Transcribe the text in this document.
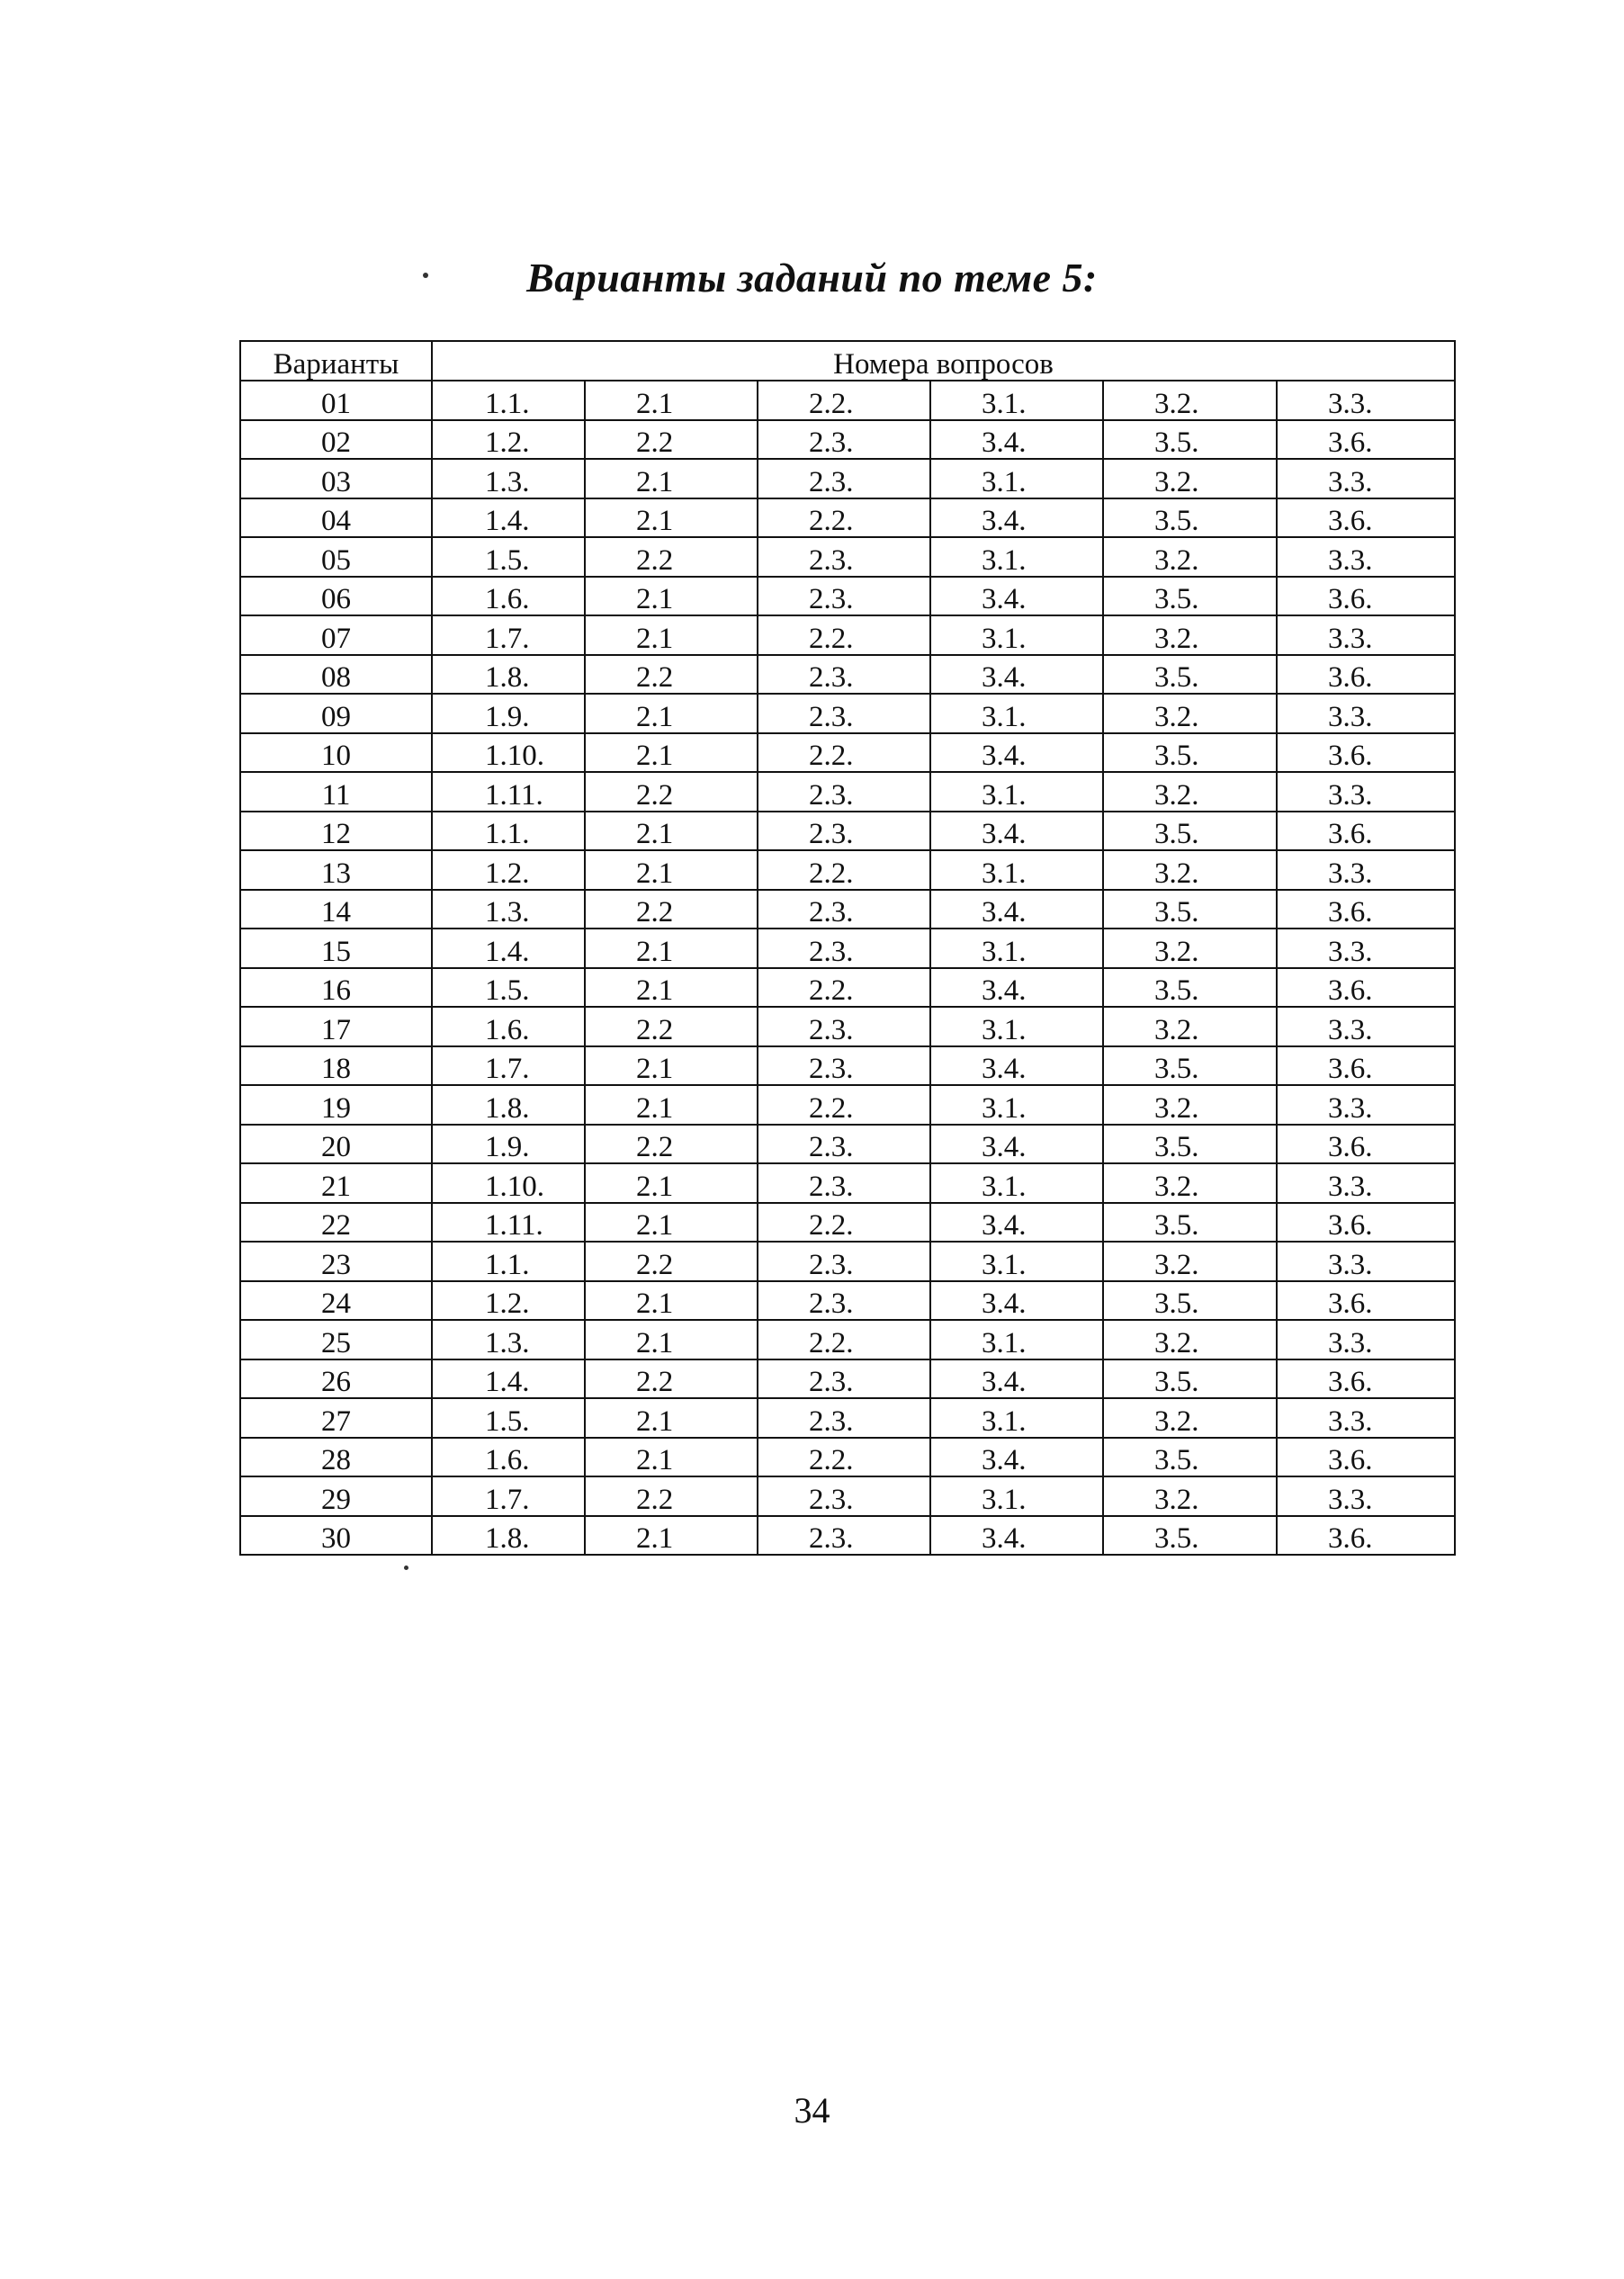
Варианты заданий по теме 5:
Варианты	Номера вопросов					
01	1.1.	2.1	2.2.	3.1.	3.2.	3.3.
02	1.2.	2.2	2.3.	3.4.	3.5.	3.6.
03	1.3.	2.1	2.3.	3.1.	3.2.	3.3.
04	1.4.	2.1	2.2.	3.4.	3.5.	3.6.
05	1.5.	2.2	2.3.	3.1.	3.2.	3.3.
06	1.6.	2.1	2.3.	3.4.	3.5.	3.6.
07	1.7.	2.1	2.2.	3.1.	3.2.	3.3.
08	1.8.	2.2	2.3.	3.4.	3.5.	3.6.
09	1.9.	2.1	2.3.	3.1.	3.2.	3.3.
10	1.10.	2.1	2.2.	3.4.	3.5.	3.6.
11	1.11.	2.2	2.3.	3.1.	3.2.	3.3.
12	1.1.	2.1	2.3.	3.4.	3.5.	3.6.
13	1.2.	2.1	2.2.	3.1.	3.2.	3.3.
14	1.3.	2.2	2.3.	3.4.	3.5.	3.6.
15	1.4.	2.1	2.3.	3.1.	3.2.	3.3.
16	1.5.	2.1	2.2.	3.4.	3.5.	3.6.
17	1.6.	2.2	2.3.	3.1.	3.2.	3.3.
18	1.7.	2.1	2.3.	3.4.	3.5.	3.6.
19	1.8.	2.1	2.2.	3.1.	3.2.	3.3.
20	1.9.	2.2	2.3.	3.4.	3.5.	3.6.
21	1.10.	2.1	2.3.	3.1.	3.2.	3.3.
22	1.11.	2.1	2.2.	3.4.	3.5.	3.6.
23	1.1.	2.2	2.3.	3.1.	3.2.	3.3.
24	1.2.	2.1	2.3.	3.4.	3.5.	3.6.
25	1.3.	2.1	2.2.	3.1.	3.2.	3.3.
26	1.4.	2.2	2.3.	3.4.	3.5.	3.6.
27	1.5.	2.1	2.3.	3.1.	3.2.	3.3.
28	1.6.	2.1	2.2.	3.4.	3.5.	3.6.
29	1.7.	2.2	2.3.	3.1.	3.2.	3.3.
30	1.8.	2.1	2.3.	3.4.	3.5.	3.6.
34
